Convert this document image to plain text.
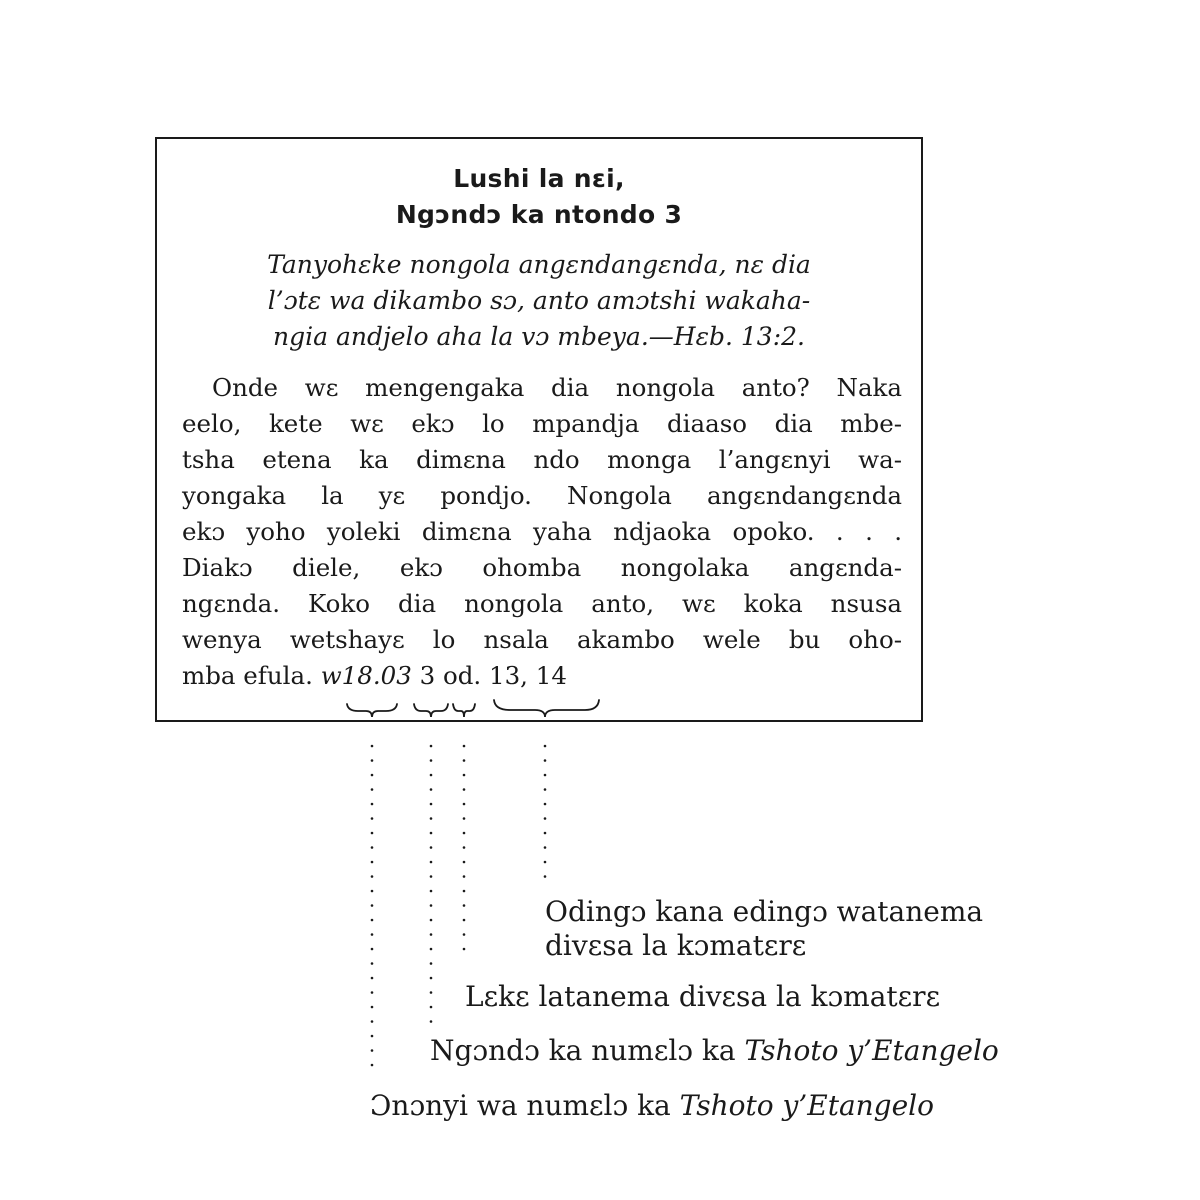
Lushi la nɛi,
Ngɔndɔ ka ntondo 3
Tanyohɛke nongola angɛndangɛnda, nɛ dia
l’ɔtɛ wa dikambo sɔ, anto amɔtshi wakaha-
ngia andjelo aha la vɔ mbeya.—Hɛb. 13:2.
Onde wɛ mengengaka dia nongola anto? Naka
eelo, kete wɛ ekɔ lo mpandja diaaso dia mbe-
tsha etena ka dimɛna ndo monga l’angɛnyi wa-
yongaka la yɛ pondjo. Nongola angɛndangɛnda
ekɔ yoho yoleki dimɛna yaha ndjaoka opoko. . . .
Diakɔ diele, ekɔ ohomba nongolaka angɛnda-
ngɛnda. Koko dia nongola anto, wɛ koka nsusa
wenya wetshayɛ lo nsala akambo wele bu oho-
mba efula. w18.03 3 od. 13, 14
Odingɔ kana edingɔ watanema
divɛsa la kɔmatɛrɛ
Lɛkɛ latanema divɛsa la kɔmatɛrɛ
Ngɔndɔ ka numɛlɔ ka Tshoto y’Etangelo
Ɔnɔnyi wa numɛlɔ ka Tshoto y’Etangelo
